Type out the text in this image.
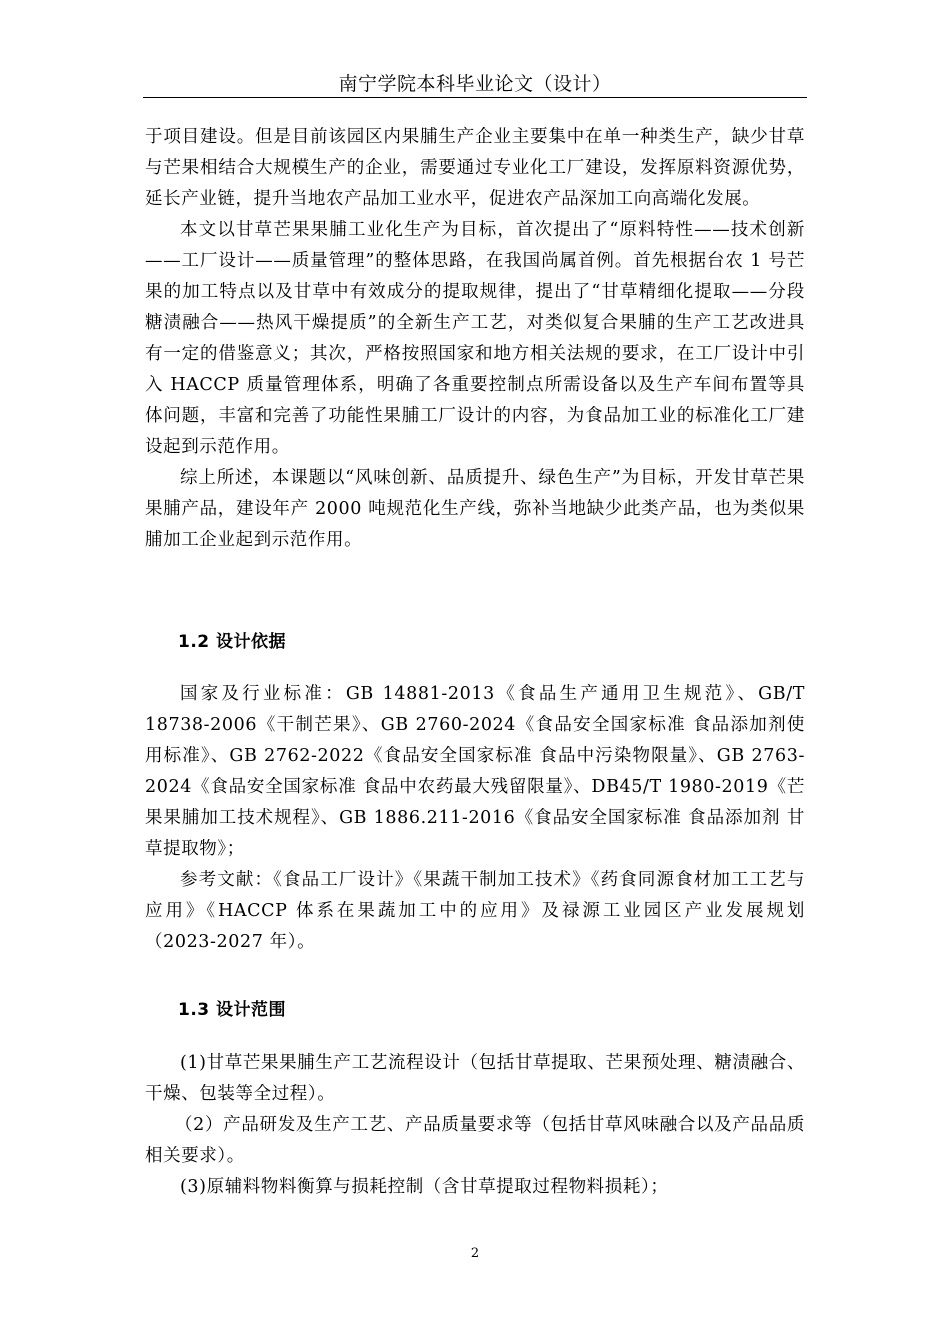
南宁学院本科毕业论文（设计）

于项目建设。但是目前该园区内果脯生产企业主要集中在单一种类生产，缺少甘草与芒果相结合大规模生产的企业，需要通过专业化工厂建设，发挥原料资源优势，延长产业链，提升当地农产品加工业水平，促进农产品深加工向高端化发展。

本文以甘草芒果果脯工业化生产为目标，首次提出了“原料特性——技术创新——工厂设计——质量管理”的整体思路，在我国尚属首例。首先根据台农 1 号芒果的加工特点以及甘草中有效成分的提取规律，提出了“甘草精细化提取——分段糖渍融合——热风干燥提质”的全新生产工艺，对类似复合果脯的生产工艺改进具有一定的借鉴意义；其次，严格按照国家和地方相关法规的要求，在工厂设计中引入 HACCP 质量管理体系，明确了各重要控制点所需设备以及生产车间布置等具体问题，丰富和完善了功能性果脯工厂设计的内容，为食品加工业的标准化工厂建设起到示范作用。

综上所述，本课题以“风味创新、品质提升、绿色生产”为目标，开发甘草芒果果脯产品，建设年产 2000 吨规范化生产线，弥补当地缺少此类产品，也为类似果脯加工企业起到示范作用。

1.2 设计依据

国家及行业标准：GB 14881-2013《食品生产通用卫生规范》、GB/T 18738-2006《干制芒果》、GB 2760-2024《食品安全国家标准 食品添加剂使用标准》、GB 2762-2022《食品安全国家标准 食品中污染物限量》、GB 2763-2024《食品安全国家标准 食品中农药最大残留限量》、DB45/T 1980-2019《芒果果脯加工技术规程》、GB 1886.211-2016《食品安全国家标准 食品添加剂 甘草提取物》；

参考文献：《食品工厂设计》《果蔬干制加工技术》《药食同源食材加工工艺与应用》《HACCP 体系在果蔬加工中的应用》及禄源工业园区产业发展规划（2023-2027 年）。

1.3 设计范围

(1)甘草芒果果脯生产工艺流程设计（包括甘草提取、芒果预处理、糖渍融合、干燥、包装等全过程）。

（2）产品研发及生产工艺、产品质量要求等（包括甘草风味融合以及产品品质相关要求）。

(3)原辅料物料衡算与损耗控制（含甘草提取过程物料损耗）；

2
